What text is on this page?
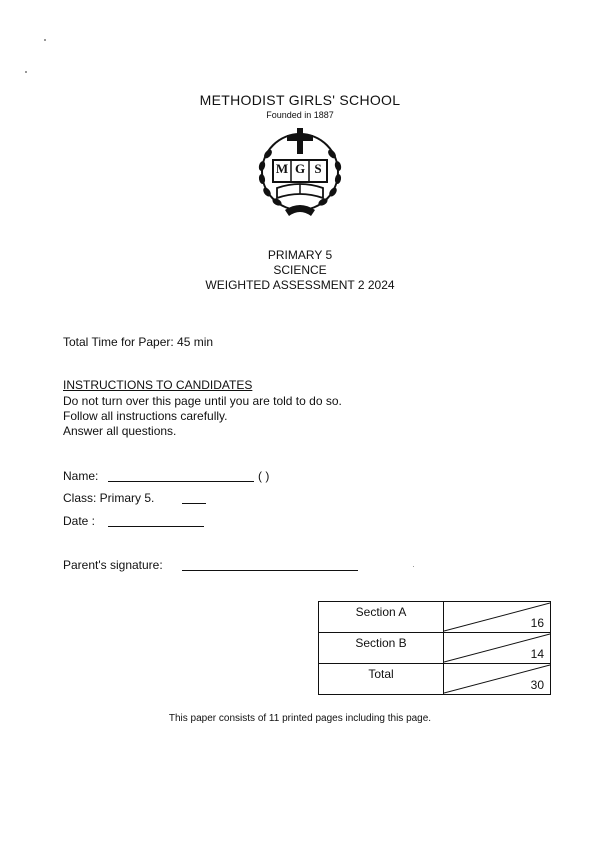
METHODIST GIRLS' SCHOOL
Founded in 1887
M G S
PRIMARY 5
SCIENCE
WEIGHTED ASSESSMENT 2 2024
Total Time for Paper: 45 min
INSTRUCTIONS TO CANDIDATES
Do not turn over this page until you are told to do so.
Follow all instructions carefully.
Answer all questions.
Name:	( )
Class: Primary 5.
Date :
Parent's signature:
Section A	16

Section B	14

Total	30
This paper consists of 11 printed pages including this page.
